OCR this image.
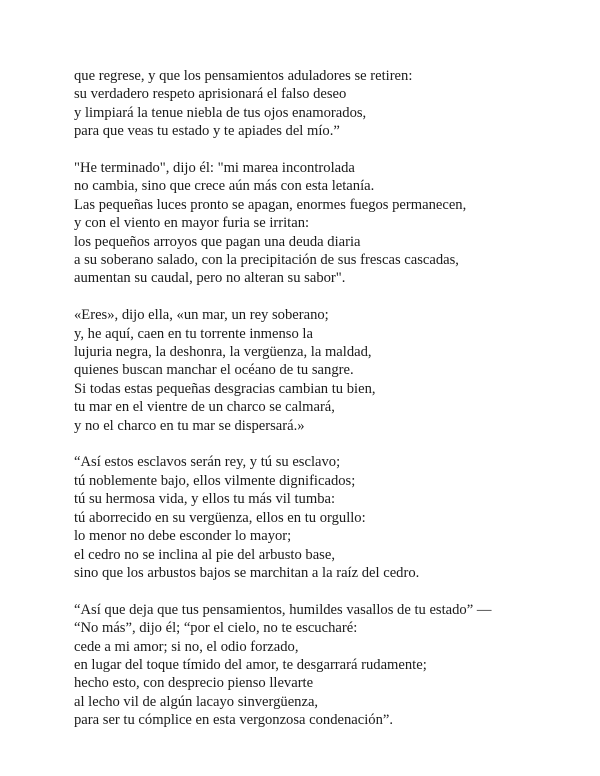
que regrese, y que los pensamientos aduladores se retiren:
su verdadero respeto aprisionará el falso deseo
y limpiará la tenue niebla de tus ojos enamorados,
para que veas tu estado y te apiades del mío.”
"He terminado", dijo él: "mi marea incontrolada
no cambia, sino que crece aún más con esta letanía.
Las pequeñas luces pronto se apagan, enormes fuegos permanecen,
y con el viento en mayor furia se irritan:
los pequeños arroyos que pagan una deuda diaria
a su soberano salado, con la precipitación de sus frescas cascadas,
aumentan su caudal, pero no alteran su sabor".
«Eres», dijo ella, «un mar, un rey soberano;
y, he aquí, caen en tu torrente inmenso la
lujuria negra, la deshonra, la vergüenza, la maldad,
quienes buscan manchar el océano de tu sangre.
Si todas estas pequeñas desgracias cambian tu bien,
tu mar en el vientre de un charco se calmará,
y no el charco en tu mar se dispersará.»
“Así estos esclavos serán rey, y tú su esclavo;
tú noblemente bajo, ellos vilmente dignificados;
tú su hermosa vida, y ellos tu más vil tumba:
tú aborrecido en su vergüenza, ellos en tu orgullo:
lo menor no debe esconder lo mayor;
el cedro no se inclina al pie del arbusto base,
sino que los arbustos bajos se marchitan a la raíz del cedro.
“Así que deja que tus pensamientos, humildes vasallos de tu estado” —
“No más”, dijo él; “por el cielo, no te escucharé:
cede a mi amor; si no, el odio forzado,
en lugar del toque tímido del amor, te desgarrará rudamente;
hecho esto, con desprecio pienso llevarte
al lecho vil de algún lacayo sinvergüenza,
para ser tu cómplice en esta vergonzosa condenación”.
